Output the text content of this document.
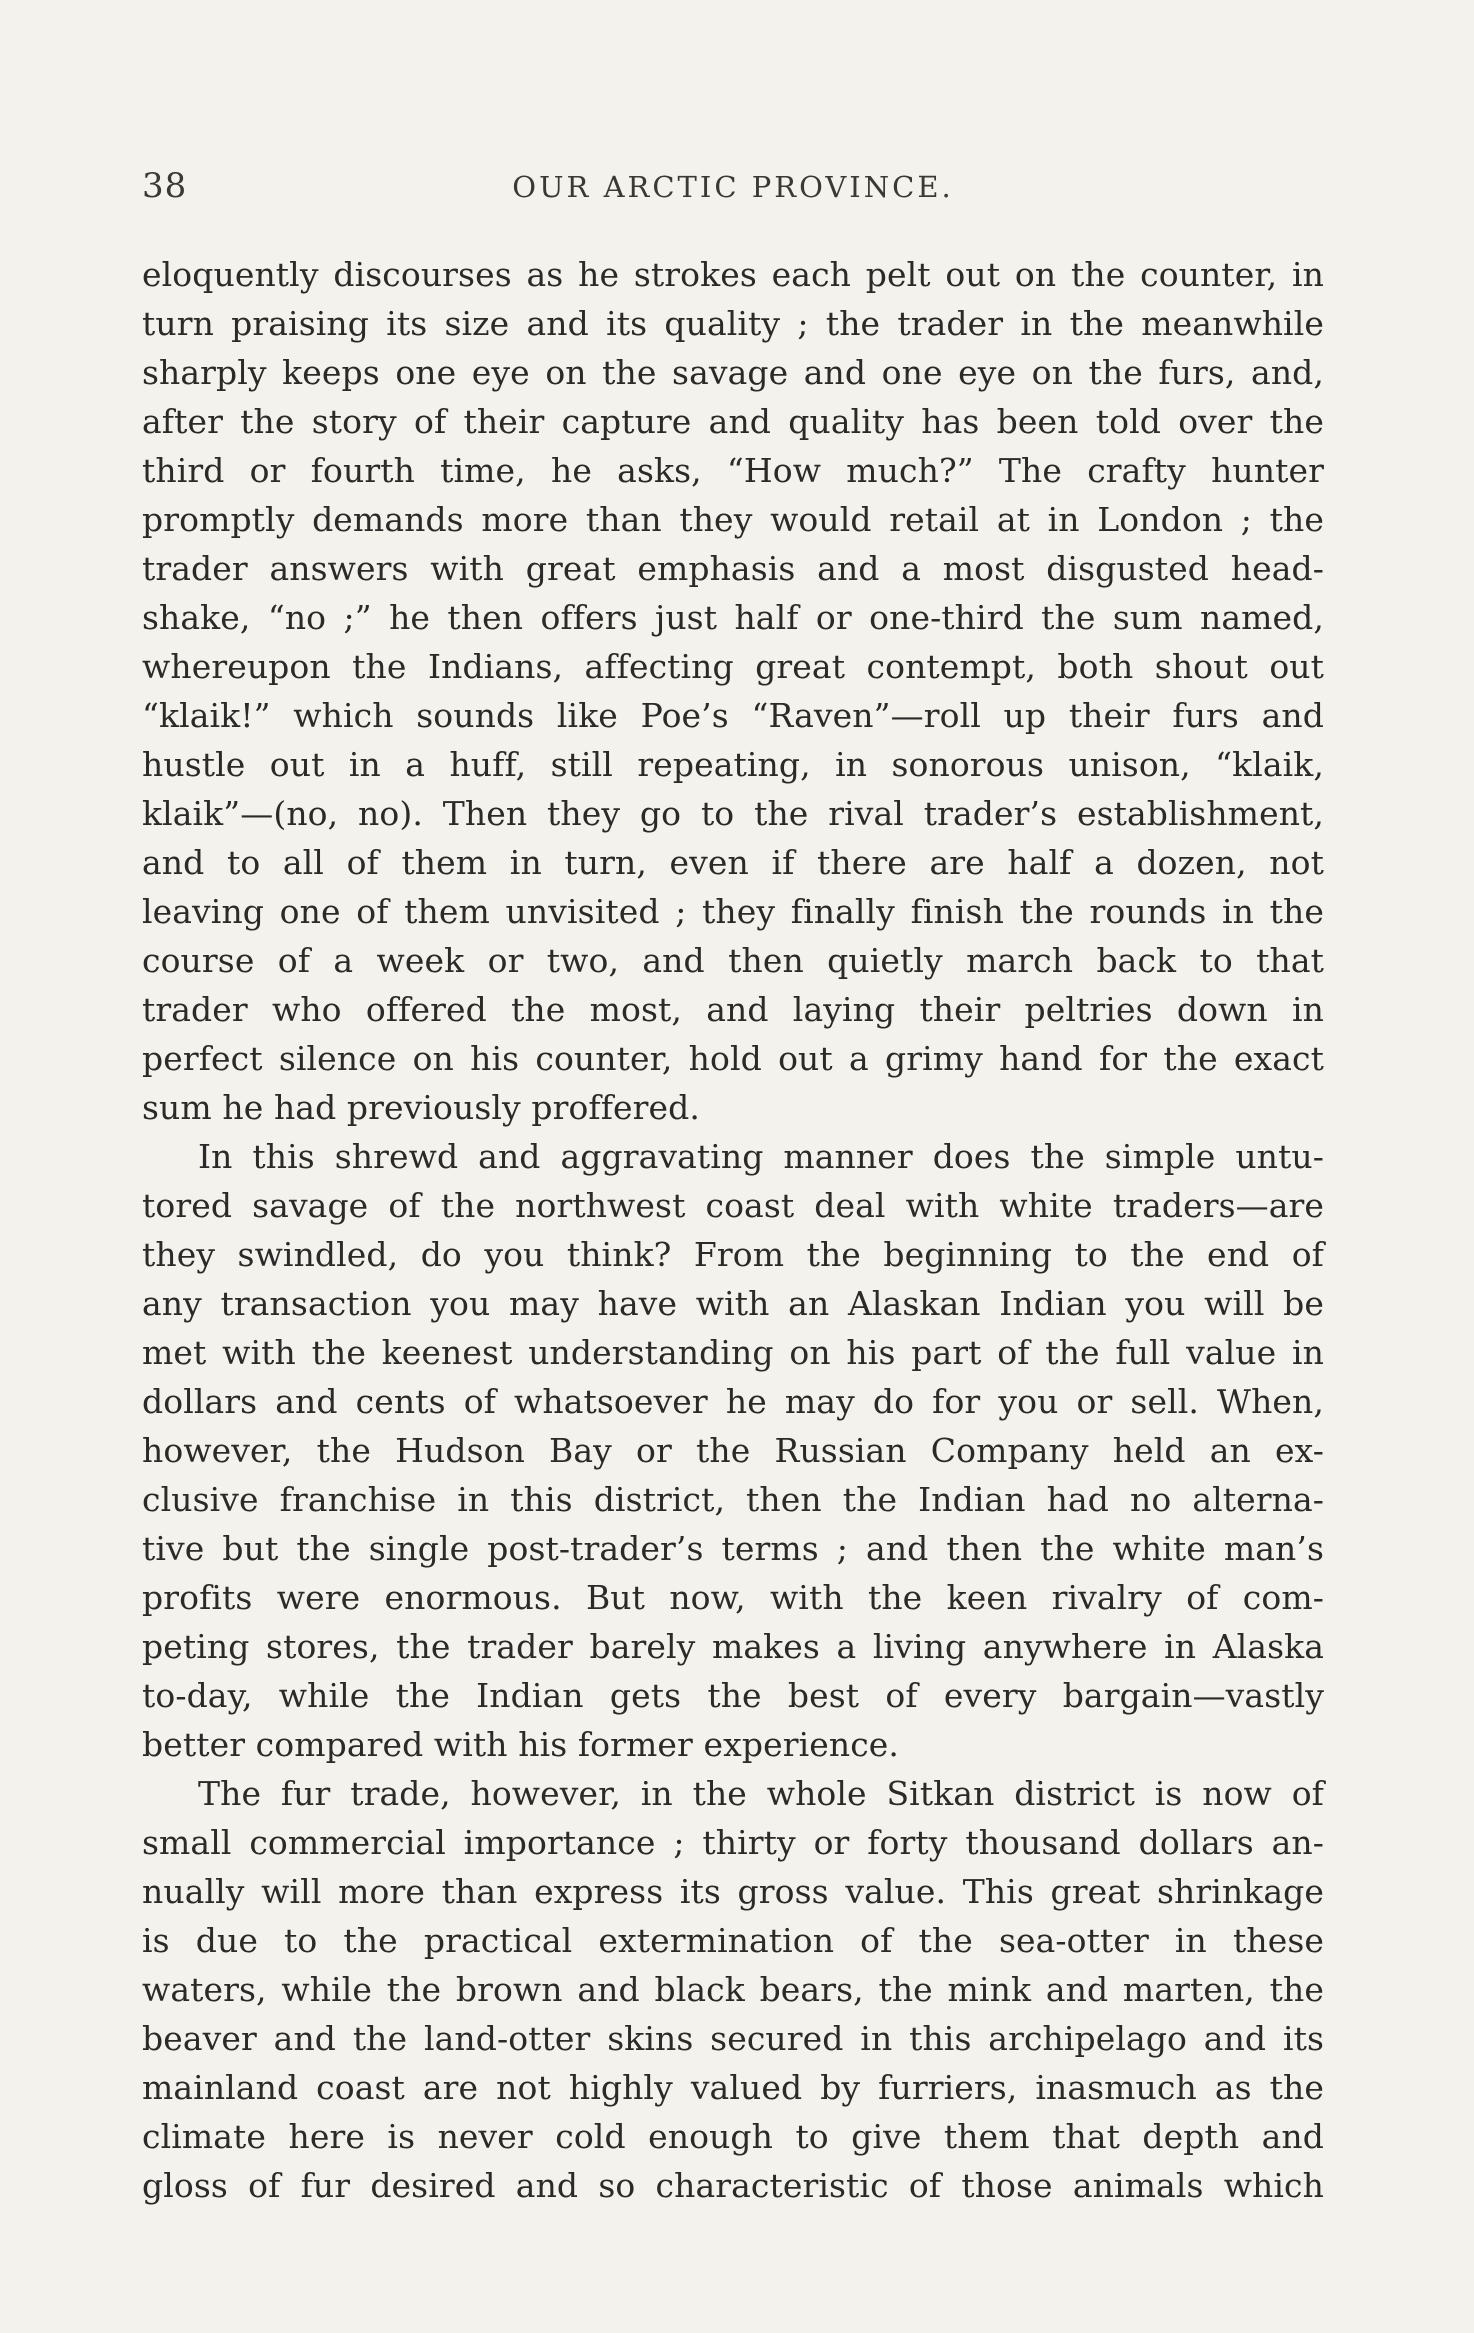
38	OUR ARCTIC PROVINCE.
eloquently discourses as he strokes each pelt out on the counter, in
turn praising its size and its quality ; the trader in the meanwhile
sharply keeps one eye on the savage and one eye on the furs, and,
after the story of their capture and quality has been told over the
third or fourth time, he asks, “How much?” The crafty hunter
promptly demands more than they would retail at in London ; the
trader answers with great emphasis and a most disgusted head-
shake, “no ;” he then offers just half or one-third the sum named,
whereupon the Indians, affecting great contempt, both shout out
“klaik!” which sounds like Poe’s “Raven”—roll up their furs and
hustle out in a huff, still repeating, in sonorous unison, “klaik,
klaik”—(no, no). Then they go to the rival trader’s establishment,
and to all of them in turn, even if there are half a dozen, not
leaving one of them unvisited ; they finally finish the rounds in the
course of a week or two, and then quietly march back to that
trader who offered the most, and laying their peltries down in
perfect silence on his counter, hold out a grimy hand for the exact
sum he had previously proffered.
In this shrewd and aggravating manner does the simple untu-
tored savage of the northwest coast deal with white traders—are
they swindled, do you think? From the beginning to the end of
any transaction you may have with an Alaskan Indian you will be
met with the keenest understanding on his part of the full value in
dollars and cents of whatsoever he may do for you or sell. When,
however, the Hudson Bay or the Russian Company held an ex-
clusive franchise in this district, then the Indian had no alterna-
tive but the single post-trader’s terms ; and then the white man’s
profits were enormous. But now, with the keen rivalry of com-
peting stores, the trader barely makes a living anywhere in Alaska
to-day, while the Indian gets the best of every bargain—vastly
better compared with his former experience.
The fur trade, however, in the whole Sitkan district is now of
small commercial importance ; thirty or forty thousand dollars an-
nually will more than express its gross value. This great shrinkage
is due to the practical extermination of the sea-otter in these
waters, while the brown and black bears, the mink and marten, the
beaver and the land-otter skins secured in this archipelago and its
mainland coast are not highly valued by furriers, inasmuch as the
climate here is never cold enough to give them that depth and
gloss of fur desired and so characteristic of those animals which
